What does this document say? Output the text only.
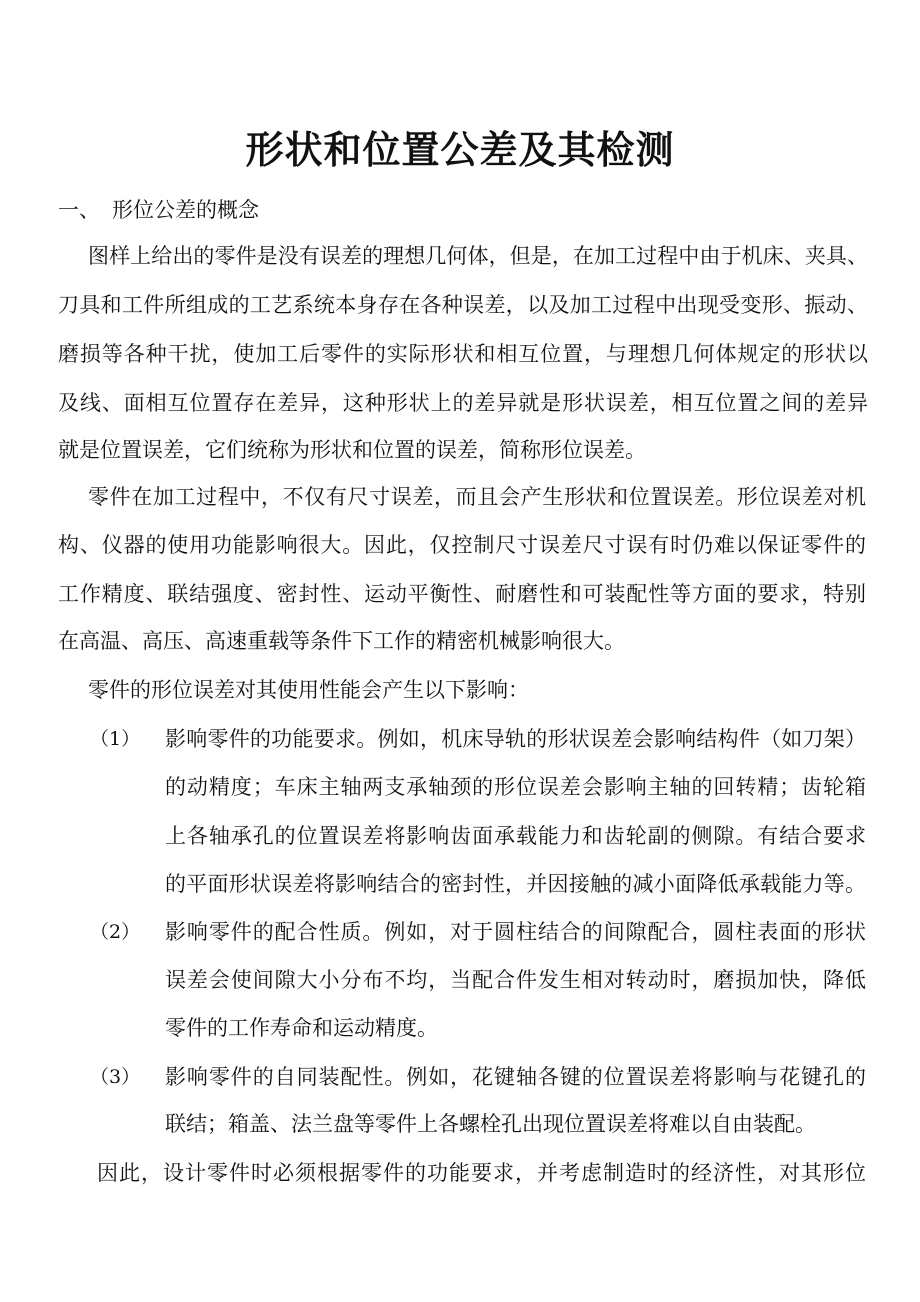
形状和位置公差及其检测
一、 形位公差的概念
图样上给出的零件是没有误差的理想几何体，但是，在加工过程中由于机床、夹具、
刀具和工件所组成的工艺系统本身存在各种误差，以及加工过程中出现受变形、振动、
磨损等各种干扰，使加工后零件的实际形状和相互位置，与理想几何体规定的形状以
及线、面相互位置存在差异，这种形状上的差异就是形状误差，相互位置之间的差异
就是位置误差，它们统称为形状和位置的误差，简称形位误差。
零件在加工过程中，不仅有尺寸误差，而且会产生形状和位置误差。形位误差对机
构、仪器的使用功能影响很大。因此，仅控制尺寸误差尺寸误有时仍难以保证零件的
工作精度、联结强度、密封性、运动平衡性、耐磨性和可装配性等方面的要求，特别
在高温、高压、高速重载等条件下工作的精密机械影响很大。
零件的形位误差对其使用性能会产生以下影响：
（1） 影响零件的功能要求。例如，机床导轨的形状误差会影响结构件（如刀架）
的动精度；车床主轴两支承轴颈的形位误差会影响主轴的回转精；齿轮箱
上各轴承孔的位置误差将影响齿面承载能力和齿轮副的侧隙。有结合要求
的平面形状误差将影响结合的密封性，并因接触的减小面降低承载能力等。
（2） 影响零件的配合性质。例如，对于圆柱结合的间隙配合，圆柱表面的形状
误差会使间隙大小分布不均，当配合件发生相对转动时，磨损加快，降低
零件的工作寿命和运动精度。
（3） 影响零件的自同装配性。例如，花键轴各键的位置误差将影响与花键孔的
联结；箱盖、法兰盘等零件上各螺栓孔出现位置误差将难以自由装配。
因此，设计零件时必须根据零件的功能要求，并考虑制造时的经济性，对其形位
